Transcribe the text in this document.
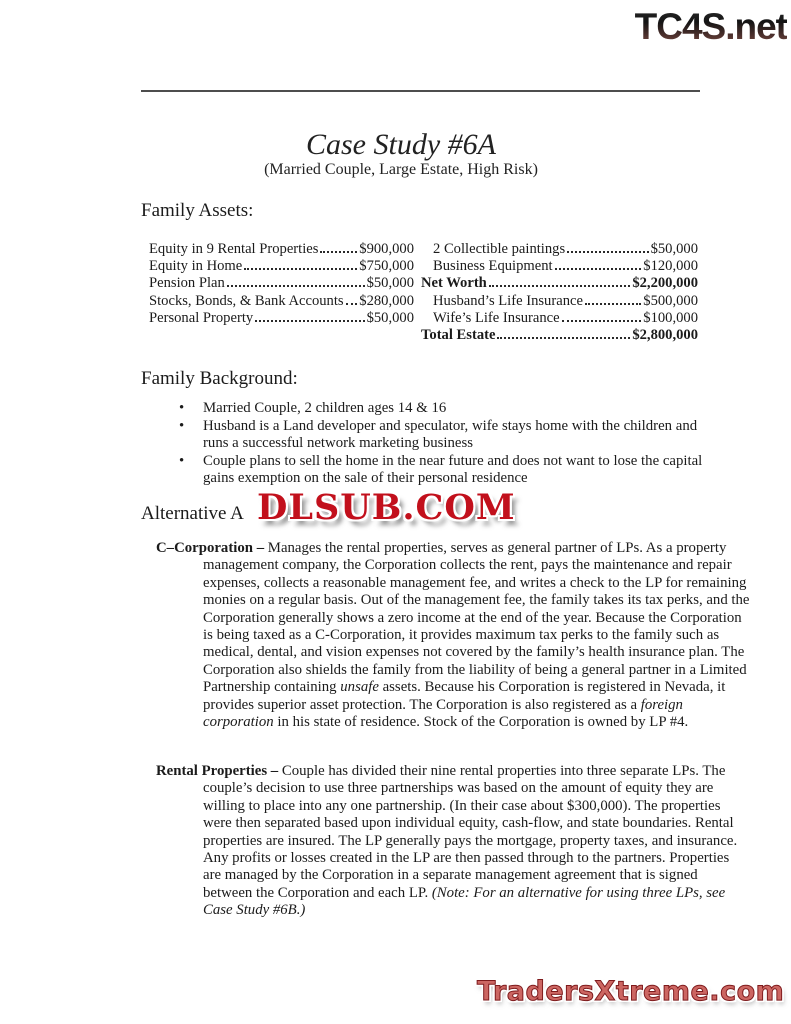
TC4S.net
Case Study #6A
(Married Couple, Large Estate, High Risk)
Family Assets:
Equity in 9 Rental Properties	$900,000
Equity in Home	$750,000
Pension Plan	$50,000
Stocks, Bonds, & Bank Accounts $280,000
Personal Property	$50,000
2 Collectible paintings	$50,000
Business Equipment	$120,000
Net Worth	$2,200,000
Husband’s Life Insurance	$500,000
Wife’s Life Insurance	$100,000
Total Estate	$2,800,000
Family Background:
•	Married Couple, 2 children ages 14 & 16
•	Husband is a Land developer and speculator, wife stays home with the children and runs a successful network marketing business
•	Couple plans to sell the home in the near future and does not want to lose the capital gains exemption on the sale of their personal residence
Alternative A DLSUB.COM
C–Corporation – Manages the rental properties, serves as general partner of LPs. As a property management company, the Corporation collects the rent, pays the maintenance and repair expenses, collects a reasonable management fee, and writes a check to the LP for remaining monies on a regular basis. Out of the management fee, the family takes its tax perks, and the Corporation generally shows a zero income at the end of the year. Because the Corporation is being taxed as a C-Corporation, it provides maximum tax perks to the family such as medical, dental, and vision expenses not covered by the family’s health insurance plan. The Corporation also shields the family from the liability of being a general partner in a Limited Partnership containing unsafe assets. Because his Corporation is registered in Nevada, it provides superior asset protection. The Corporation is also registered as a foreign corporation in his state of residence. Stock of the Corporation is owned by LP #4.
Rental Properties – Couple has divided their nine rental properties into three separate LPs. The couple’s decision to use three partnerships was based on the amount of equity they are willing to place into any one partnership. (In their case about $300,000). The properties were then separated based upon individual equity, cash-flow, and state boundaries. Rental properties are insured. The LP generally pays the mortgage, property taxes, and insurance. Any profits or losses created in the LP are then passed through to the partners. Properties are managed by the Corporation in a separate management agreement that is signed between the Corporation and each LP. (Note: For an alternative for using three LPs, see Case Study #6B.)
TradersXtreme.com
